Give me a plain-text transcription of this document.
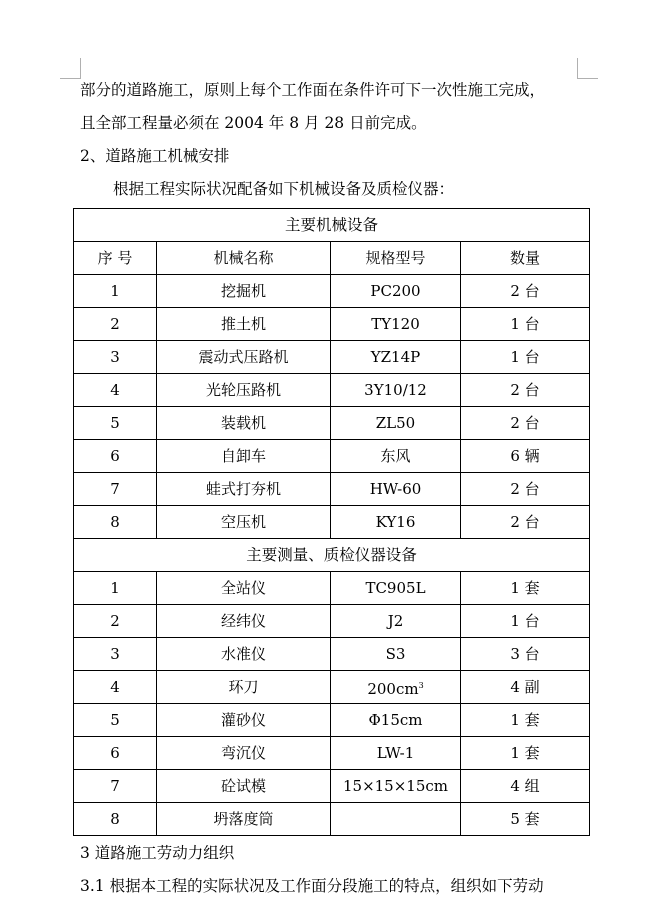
部分的道路施工，原则上每个工作面在条件许可下一次性施工完成，
且全部工程量必须在 2004 年 8 月 28 日前完成。
2、道路施工机械安排
根据工程实际状况配备如下机械设备及质检仪器：
主要机械设备			
序 号	机械名称	规格型号	数量
1	挖掘机	PC200	2 台
2	推土机	TY120	1 台
3	震动式压路机	YZ14P	1 台
4	光轮压路机	3Y10/12	2 台
5	装载机	ZL50	2 台
6	自卸车	东风	6 辆
7	蛙式打夯机	HW-60	2 台
8	空压机	KY16	2 台
主要测量、质检仪器设备			
1	全站仪	TC905L	1 套
2	经纬仪	J2	1 台
3	水准仪	S3	3 台
4	环刀	$200cm^3$	4 副
5	灌砂仪	Φ15cm	1 套
6	弯沉仪	LW-1	1 套
7	砼试模	15×15×15cm	4 组
8	坍落度筒		5 套
3 道路施工劳动力组织
3.1 根据本工程的实际状况及工作面分段施工的特点，组织如下劳动
